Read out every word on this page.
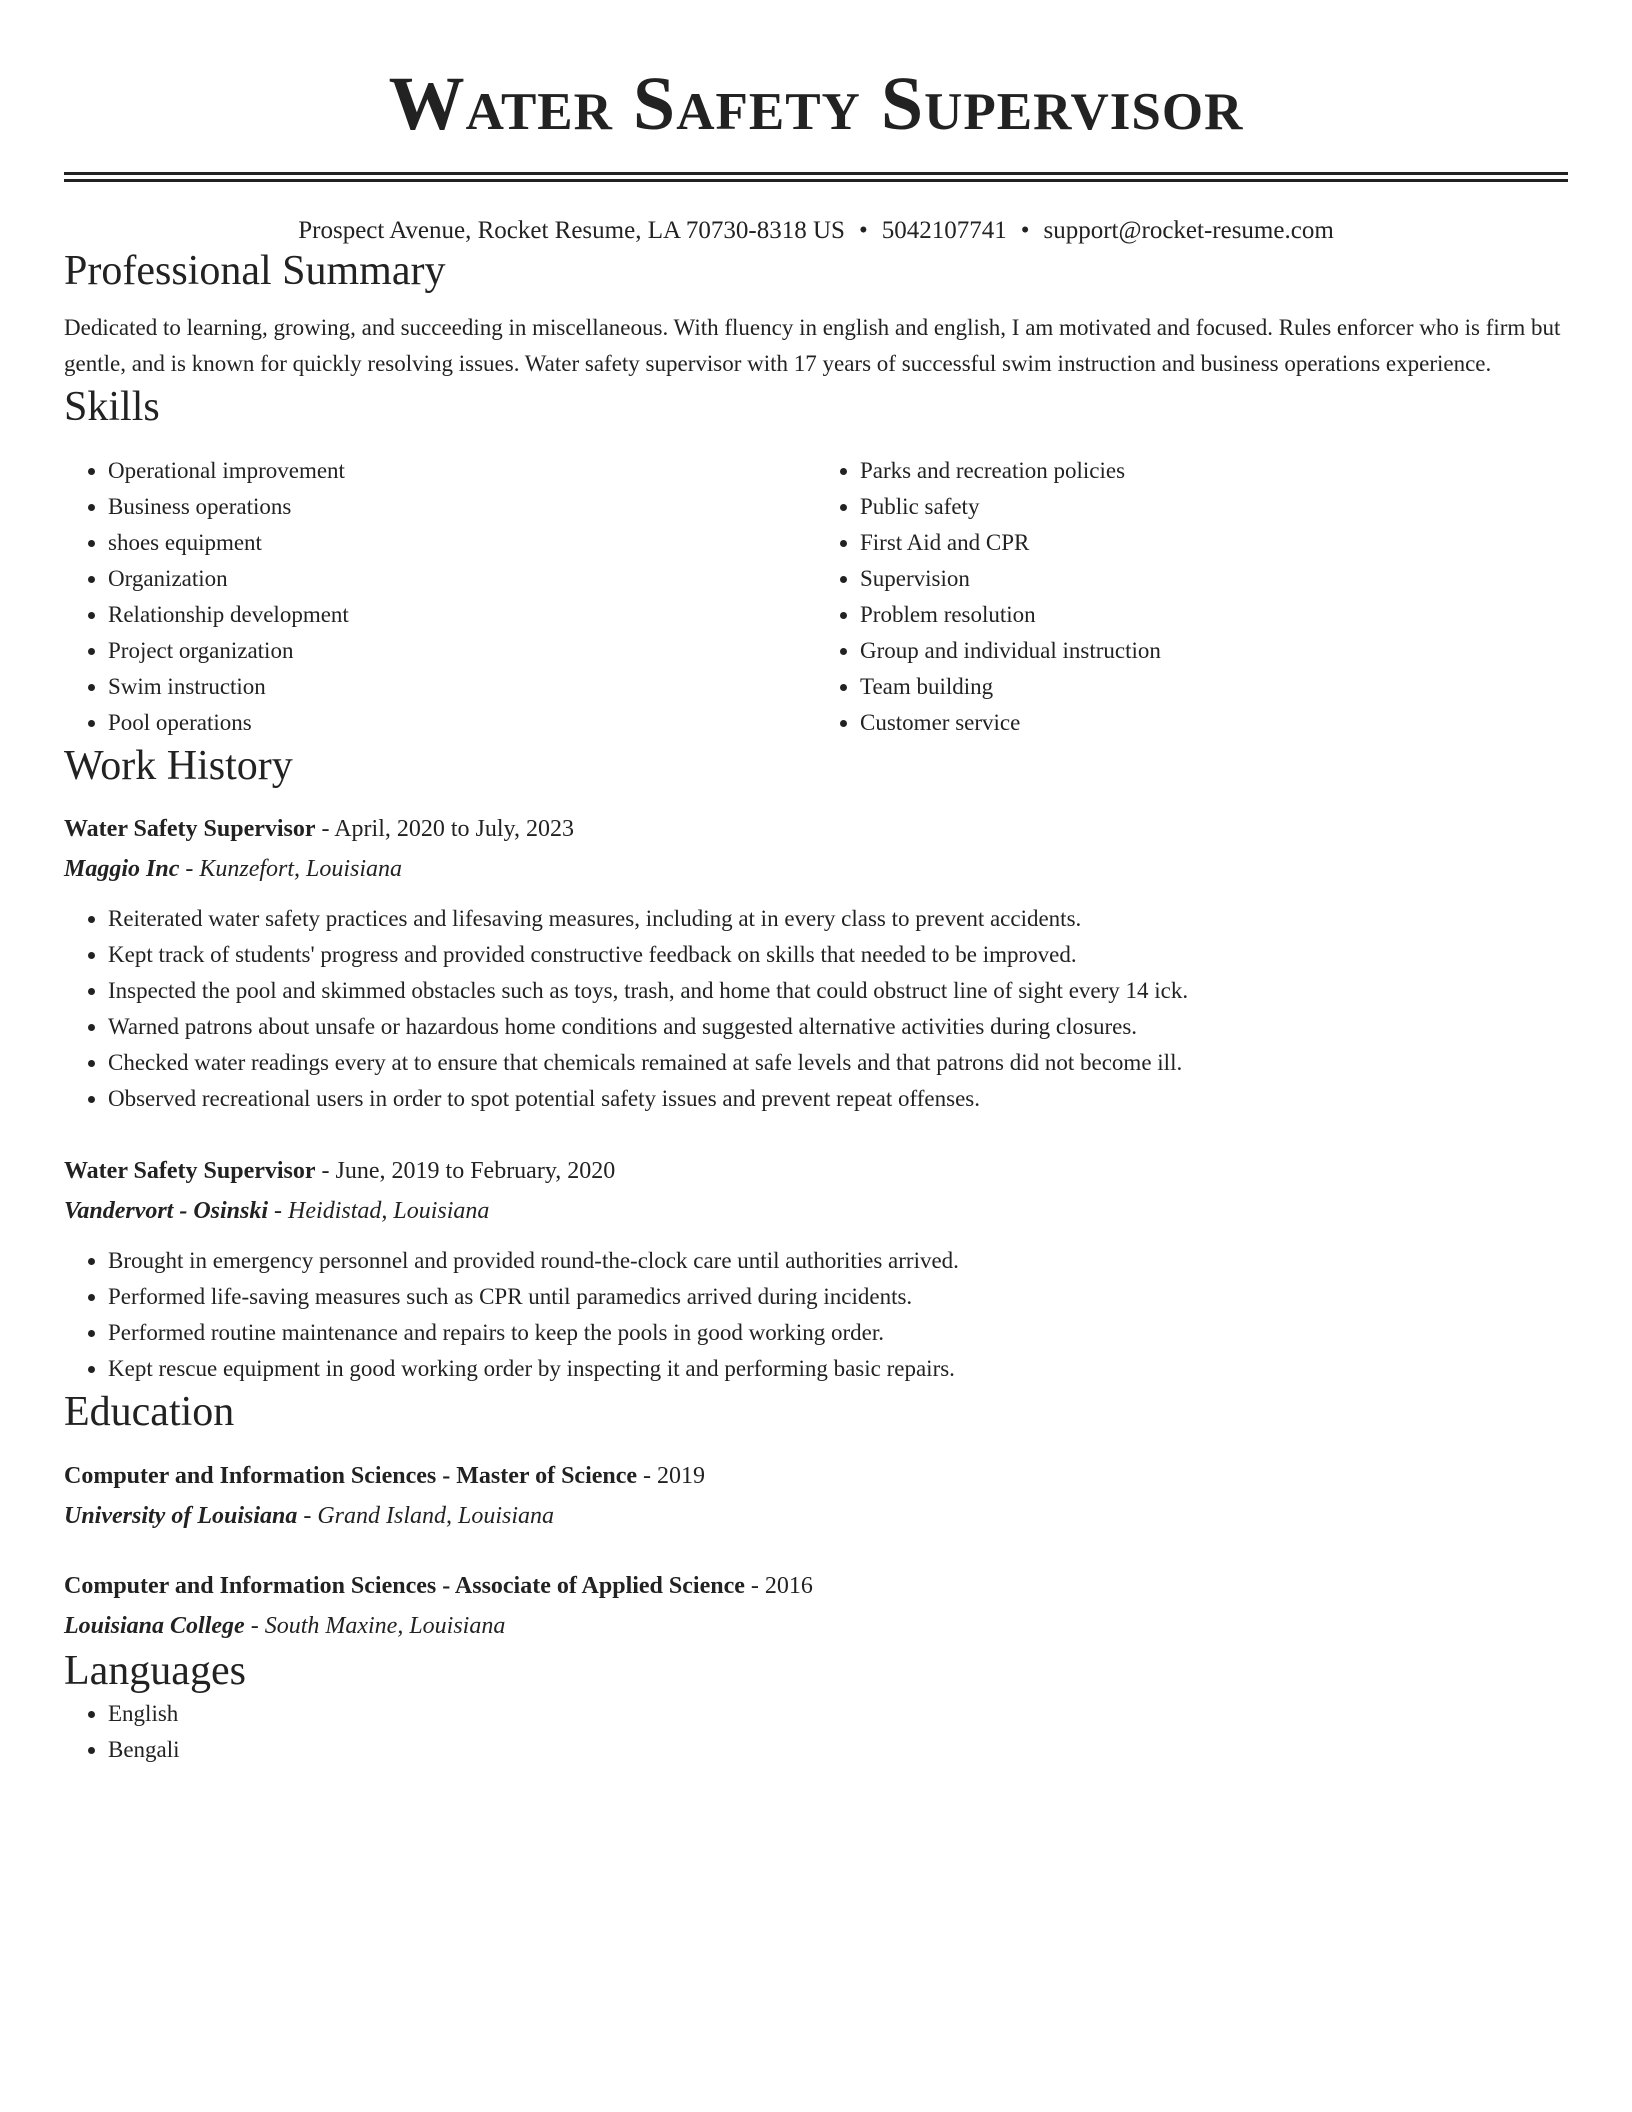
Water Safety Supervisor
Prospect Avenue, Rocket Resume, LA 70730-8318 US • 5042107741 • support@rocket-resume.com
Professional Summary
Dedicated to learning, growing, and succeeding in miscellaneous. With fluency in english and english, I am motivated and focused. Rules enforcer who is firm but gentle, and is known for quickly resolving issues. Water safety supervisor with 17 years of successful swim instruction and business operations experience.
Skills
• Operational improvement
• Business operations
• shoes equipment
• Organization
• Relationship development
• Project organization
• Swim instruction
• Pool operations
• Parks and recreation policies
• Public safety
• First Aid and CPR
• Supervision
• Problem resolution
• Group and individual instruction
• Team building
• Customer service
Work History
Water Safety Supervisor - April, 2020 to July, 2023
Maggio Inc - Kunzefort, Louisiana
• Reiterated water safety practices and lifesaving measures, including at in every class to prevent accidents.
• Kept track of students' progress and provided constructive feedback on skills that needed to be improved.
• Inspected the pool and skimmed obstacles such as toys, trash, and home that could obstruct line of sight every 14 ick.
• Warned patrons about unsafe or hazardous home conditions and suggested alternative activities during closures.
• Checked water readings every at to ensure that chemicals remained at safe levels and that patrons did not become ill.
• Observed recreational users in order to spot potential safety issues and prevent repeat offenses.
Water Safety Supervisor - June, 2019 to February, 2020
Vandervort - Osinski - Heidistad, Louisiana
• Brought in emergency personnel and provided round-the-clock care until authorities arrived.
• Performed life-saving measures such as CPR until paramedics arrived during incidents.
• Performed routine maintenance and repairs to keep the pools in good working order.
• Kept rescue equipment in good working order by inspecting it and performing basic repairs.
Education
Computer and Information Sciences - Master of Science - 2019
University of Louisiana - Grand Island, Louisiana
Computer and Information Sciences - Associate of Applied Science - 2016
Louisiana College - South Maxine, Louisiana
Languages
• English
• Bengali
